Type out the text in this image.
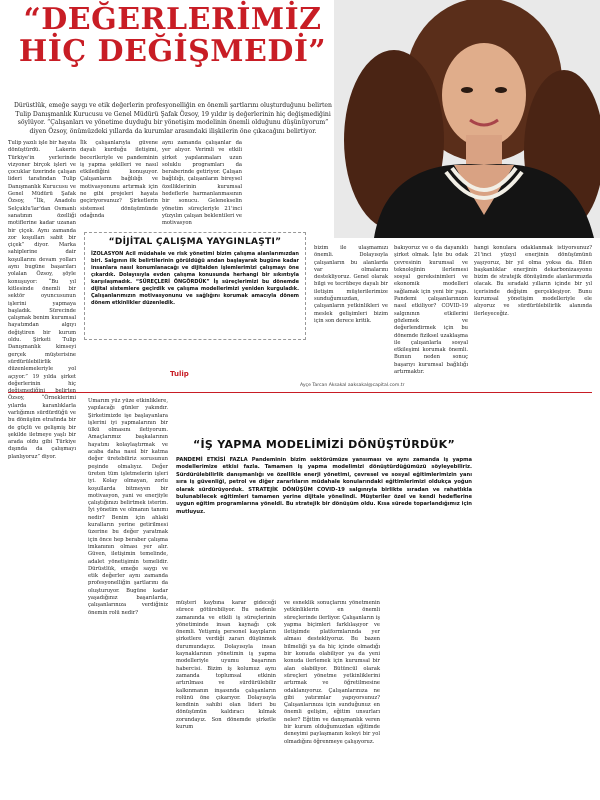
“DEĞERLERİMİZ
HİÇ DEĞİŞMEDİ”
Dürüstlük, emeğe saygı ve etik değerlerin profesyonelliğin en önemli şartlarını oluşturduğunu belirten Tulip Danışmanlık Kurucusu ve Genel Müdürü Şafak Özsoy, 19 yıldır iş değerlerinin hiç değişmediğini söylüyor. “Çalışanları ve yönetime duyduğu bir yönetişim modelinin önemli olduğunu düşünüyorum” diyen Özsoy, önümüzdeki yıllarda da kurumlar arasındaki ilişkilerin öne çıkacağını belirtiyor.

Tulip yazılı işle bir hayata dönüştürdü. Lakerin Türkiye'in yerlerinde vizyoner birçok işleri ve çocuklar üzerinde çalışan lideri tarafından Tulip Danışmanlık Kurucusu ve Genel Müdürü Şafak Özsoy, “İlk, Anadolu Selçuklu'lar'dan Osmanlı sanatının özelliği motiflerine kadar uzanan bir çiçek. Aynı zamanda zor koşulları sabit bir çiçek” diyor. Marka sahiplerine dair koşullarını devam yolları aynı bugüne başarıları yolalan Özsoy, şöyle konuşuyor: “Bu yıl kitlesinde önemli bir sektör oyuncusunun işlerini yapmaya başladık. Sürecinde çalışmak benim kurumsal hayatımdan algıyı değiştiren bir kurum oldu. Şirketi Tulip Danışmanlık kimseyi gerçek müşterisine sürdürülebilirlik düzenlemeleriyle yol açıyor.” 19 yılda şirket değerlerinin hiç Özsoy, “Örneklerimi yılarda karanlıklarla varlığımın sürdürdüğü ve bu dönüşüm etrafında bir de güçlü ve gelişmiş bir şekilde iletmeye yaşlı bir arada oldu gibi Türkiye dışında da çalışmayı planlıyoruz” diyor.

İlk çalışanlarıyla güvene dayalı kurduğu iletişimi, becerileriyle ve pandeminin iş yapma şekilleri ve nasıl etkilediğini konuşuyor. Çalışanların bağlılığı ve motivasyonunu artırmak için ne gibi projeleri hayata geçiriyorsunuz? Şirketlerin sistemsel dönüşümünde odağında

aynı zamanda çalışanlar da yer alıyor. Verimli ve etkili şirket yapılanmaları uzun soluklu programları da beraberinde getiriyor. Çalışan bağlılığı, çalışanların bireysel özelliklerinin kurumsal hedeflerle harmanlanmasının bir sonucu. Gelenekselin yönetim süreçleriyle 21'inci yüzyılın çalışan beklentileri ve motivasyon

“DİJİTAL ÇALIŞMA YAYGINLAŞTI”
İZOLASYON Acil müdahale ve risk yönetimi bizim çalışma alanlarımızdan biri. Salgının ilk belirtilerinin görüldüğü andan başlayarak bugüne kadar insanlara nasıl konumlanacağı ve dijitalden işlemlerimizi çalışmayı öne çıkardık. Dolayısıyla evden çalışma konusunda herhangi bir sıkıntıyla karşılaşmadık. “SÜREÇLERİ ÖNGÖRDÜK” İş süreçlerimizi bu dönemde dijital sistemlere geçirdik ve çalışma modellerimizi yeniden kurguladık. Çalışanlarımızın motivasyonunu ve sağlığını korumak amacıyla dönem dönem etkinlikler düzenledik.

bizim ile ulaşmamızı önemli. Dolayısıyla çalışanların bu alanlarda var olmalarını destekliyoruz. Genel olarak bilgi ve tecrübeye dayalı bir iletişim müşterilerimize sunduğumuzdan, çalışanların yetkinlikleri ve meslek gelişimleri bizim için son derece kritik.

bakıyoruz ve o da dayanıklı şirket olmak. İşte bu odak çevresinin kurumsal ve teknolojinin ilerlemesi sosyal gereksinimleri ve ekonomik modelleri sağlamak için yeni bir yapı. Pandemi çalışanlarınızın nasıl etkiliyor? COVID-19 salgınının etkilerini gözlemek ve değerlendirmek için bu dönemde fiziksel uzaklaşma ile çalışanlarla sosyal etkileşimi korumak önemli. Bunun neden sonuç başarıyı kurumsal bağlılığı artırmaktır.

hangi konulara odaklanmak istiyorsunuz? 21'inci yüzyıl enerjinin dönüşümünü yaşıyoruz, bir yıl olma yoksa da. Bilen başkanlıklar enerjinin dekarbonizasyonu bizim de stratejik dönüşümde alanlarımızda olacak. Bu sıradaki yılların içinde bir yıl içerisinde değişim gerçekleşiyor. Bunu kurumsal yönetişim modelleriyle ele alıyoruz ve sürdürülebilirlik alanında ilerleyeceğiz.

Tulip
Ayçe Tarcan Aksakal aaksakal@capital.com.tr

Umarım yüz yüze etkinliklere, yapılacağı günler yakındır. Şirketimizde işe başlayanlara işlerini iyi yapmalarının bir ülkü olmasını iletiyorum. Amaçlarımız başkalarının hayatını kolaylaştırmak ve acaba daha nasıl bir katma değer üretebiliriz sorusunun peşinde olmalıyız. Değer üreten tüm işletmelerin işleri iyi. Kolay olmayan, zorlu koşullarda bitmeyen bir motivasyon, yani ve enerjiyle çalıştığınızı belirtmek isterim. İyi yönetim ve olmanın tanımı nedir? Benim için ahlaki kuralların yerine getirilmesi üzerine bu değer yaratmak için önce hep beraber çalışma imkanının olması yer alır. Güven, iletişimin temelinde, adalet yönetişimin temelidir. Dürüstlük, emeğe saygı ve etik değerler aynı zamanda profesyonelliğin şartlarını da oluşturuyor. Bugüne kadar yaşadığınız başarılarda, çalışanlarınıza verdiğiniz önemin rolü nedir?

“İŞ YAPMA MODELİMİZİ DÖNÜŞTÜRDÜK”
PANDEMİ ETKİSİ FAZLA Pandeminin bizim sektörümüze yansıması ve aynı zamanda iş yapma modellerimize etkisi fazla. Tamamen iş yapma modelimizi dönüştürdüğümüzü söyleyebiliriz. Sürdürülebilirlik danışmanlığı ve özellikle enerji yönetimi, çevresel ve sosyal eğitimlerimizin yanı sıra iş güvenliği, petrol ve diğer zararlıların müdahale konularındaki eğitimlerimizi oldukça yoğun olarak sürdürüyorduk. STRATEJİK DÖNÜŞÜM COVID-19 salgınıyla birlikte sıradan ve rahatlıkla bulunabilecek eğitimleri tamamen yerine dijitale yönelindi. Müşteriler özel ve kendi hedeflerine uygun eğitim programlarına yöneldi. Bu stratejik bir dönüşüm oldu. Kısa sürede toparlandığımız için mutluyuz.

müşteri kaybına karar gideceği sürece götürebiliyor. Bu nedenle zamanında ve etkili iş süreçlerinin yönetiminde insan kaynağı çok önemli. Yetişmiş personel kayıpların şirketlere verdiği zararı düşünmek durumundayız. Dolayısıyla insan kaynaklarının yönetimin iş yapma modelleriyle uyumu başarının habercisi. Bizim iş kolumuz aynı zamanda toplumsal etkinin artırılması ve sürdürülebilir kalkınmanın inşasında çalışanların rolünü öne çıkarıyor. Dolayısıyla kendinin sahibi olan lideri bu dönüşümün kaldıracı kılmak zorundayız. Son dönemde şirketle kurum

ve esneklik sonuçlarını yönetmenin yetkinliklerin en önemli süreçlerinde ilerliyor. Çalışanların iş yapma biçimleri farklılaşıyor ve iletişimde platformlarında yer alması destekliyoruz. Bu bazen bilmeliği ya da hiç içinde olmadığı bir konuda olabiliyor ya da yeni konuda ilerlemek için kurumsal bir alan olabiliyor. Bütüncül olarak süreçleri yönetme yetkinliklerini artırmak ve öğretilmesine odaklanıyoruz. Çalışanlarınıza ne gibi yatırımlar yapıyorsunuz? Çalışanlarınıza için sunduğunuz en önemli gelişim, eğitim unsurları neler? Eğitim ve danışmanlık veren bir kurum olduğumuzdan eğitimde deneyimi paylaşmanın koleyi bir yol olmadığını öğrenmeye çalışıyoruz.
